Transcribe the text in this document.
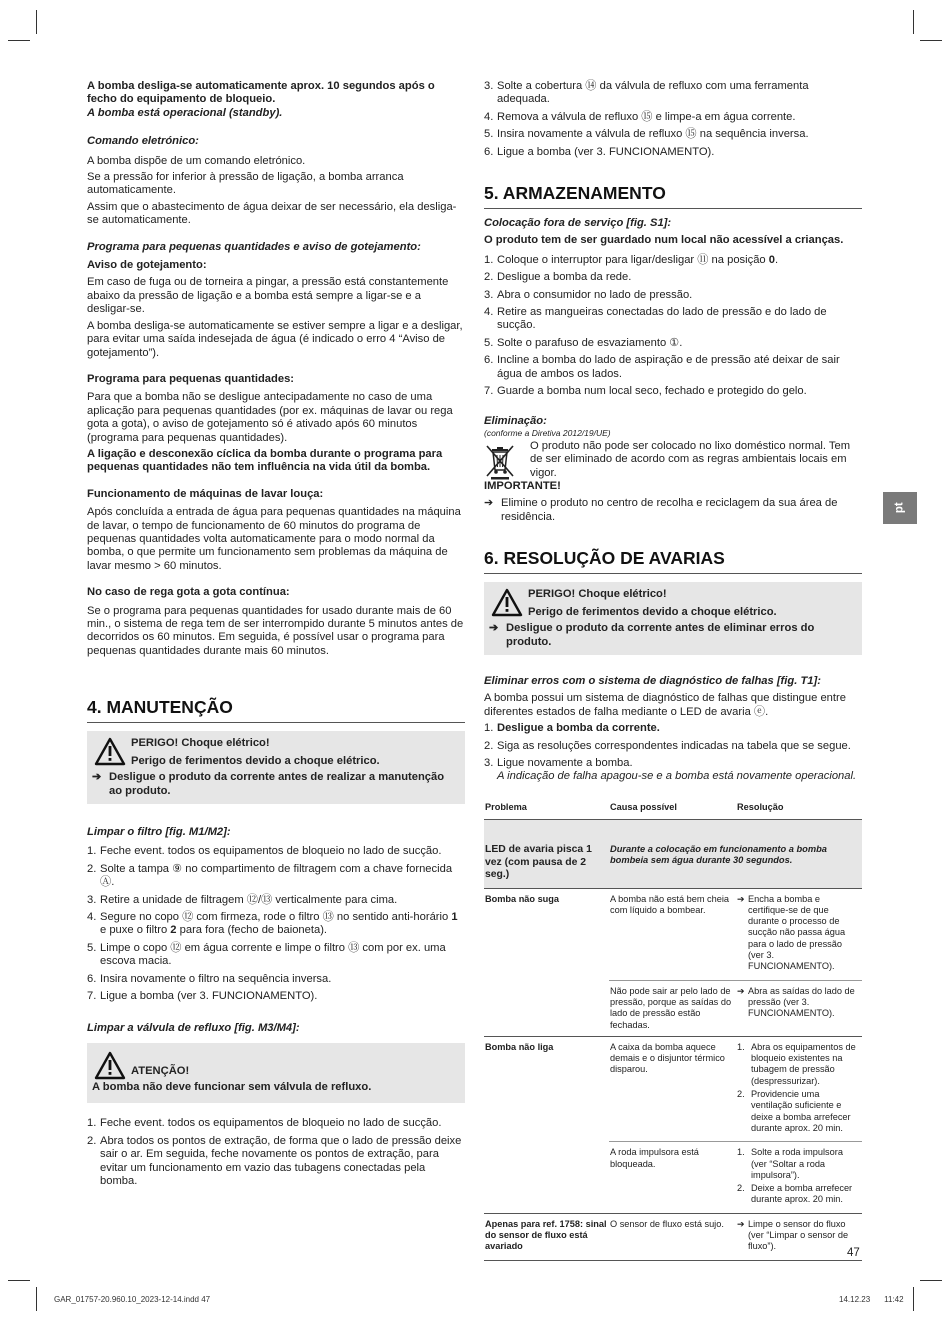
A bomba desliga-se automaticamente aprox. 10 segundos após o fecho do equipamento de bloqueio.

A bomba está operacional (standby).

Comando eletrónico:

A bomba dispõe de um comando eletrónico.

Se a pressão for inferior à pressão de ligação, a bomba arranca automaticamente.

Assim que o abastecimento de água deixar de ser necessário, ela desliga-se automaticamente.

Programa para pequenas quantidades e aviso de gotejamento:

Aviso de gotejamento:

Em caso de fuga ou de torneira a pingar, a pressão está constantemente abaixo da pressão de ligação e a bomba está sempre a ligar-se e a desligar-se.

A bomba desliga-se automaticamente se estiver sempre a ligar e a desligar, para evitar uma saída indesejada de água (é indicado o erro 4 “Aviso de gotejamento”).

Programa para pequenas quantidades:

Para que a bomba não se desligue antecipadamente no caso de uma aplicação para pequenas quantidades (por ex. máquinas de lavar ou rega gota a gota), o aviso de gotejamento só é ativado após 60 minutos (programa para pequenas quantidades).

A ligação e desconexão cíclica da bomba durante o programa para pequenas quantidades não tem influência na vida útil da bomba.

Funcionamento de máquinas de lavar louça:

Após concluída a entrada de água para pequenas quantidades na máquina de lavar, o tempo de funcionamento de 60 minutos do programa de pequenas quantidades volta automaticamente para o modo normal da bomba, o que permite um funcionamento sem problemas da máquina de lavar mesmo > 60 minutos.

No caso de rega gota a gota contínua:

Se o programa para pequenas quantidades for usado durante mais de 60 min., o sistema de rega tem de ser interrompido durante 5 minutos antes de decorridos os 60 minutos. Em seguida, é possível usar o programa para pequenas quantidades durante mais 60 minutos.

4. MANUTENÇÃO

PERIGO! Choque elétrico!

Perigo de ferimentos devido a choque elétrico.

➔ Desligue o produto da corrente antes de realizar a manutenção ao produto.

Limpar o filtro [fig. M1/M2]:

1. Feche event. todos os equipamentos de bloqueio no lado de sucção.
2. Solte a tampa ⑨ no compartimento de filtragem com a chave fornecida Ⓐ.
3. Retire a unidade de filtragem ⑫/⑬ verticalmente para cima.
4. Segure no copo ⑫ com firmeza, rode o filtro ⑬ no sentido anti-horário 1 e puxe o filtro 2 para fora (fecho de baioneta).
5. Limpe o copo ⑫ em água corrente e limpe o filtro ⑬ com por ex. uma escova macia.
6. Insira novamente o filtro na sequência inversa.
7. Ligue a bomba (ver 3. FUNCIONAMENTO).

Limpar a válvula de refluxo [fig. M3/M4]:

ATENÇÃO!

A bomba não deve funcionar sem válvula de refluxo.

1. Feche event. todos os equipamentos de bloqueio no lado de sucção.
2. Abra todos os pontos de extração, de forma que o lado de pressão deixe sair o ar. Em seguida, feche novamente os pontos de extração, para evitar um funcionamento em vazio das tubagens conectadas pela bomba.
3. Solte a cobertura ⑭ da válvula de refluxo com uma ferramenta adequada.
4. Remova a válvula de refluxo ⑮ e limpe-a em água corrente.
5. Insira novamente a válvula de refluxo ⑮ na sequência inversa.
6. Ligue a bomba (ver 3. FUNCIONAMENTO).
5. ARMAZENAMENTO

Colocação fora de serviço [fig. S1]:

O produto tem de ser guardado num local não acessível a crianças.

1. Coloque o interruptor para ligar/desligar ⑪ na posição 0.
2. Desligue a bomba da rede.
3. Abra o consumidor no lado de pressão.
4. Retire as mangueiras conectadas do lado de pressão e do lado de sucção.
5. Solte o parafuso de esvaziamento ①.
6. Incline a bomba do lado de aspiração e de pressão até deixar de sair água de ambos os lados.
7. Guarde a bomba num local seco, fechado e protegido do gelo.

Eliminação:

(conforme a Diretiva 2012/19/UE)

O produto não pode ser colocado no lixo doméstico normal. Tem de ser eliminado de acordo com as regras ambientais locais em vigor.

IMPORTANTE!

➔ Elimine o produto no centro de recolha e reciclagem da sua área de residência.
6. RESOLUÇÃO DE AVARIAS

PERIGO! Choque elétrico!

Perigo de ferimentos devido a choque elétrico.

➔ Desligue o produto da corrente antes de eliminar erros do produto.

Eliminar erros com o sistema de diagnóstico de falhas [fig. T1]:

A bomba possui um sistema de diagnóstico de falhas que distingue entre diferentes estados de falha mediante o LED de avaria ⓔ.

1. Desligue a bomba da corrente.
2. Siga as resoluções correspondentes indicadas na tabela que se segue.
3. Ligue novamente a bomba.
A indicação de falha apagou-se e a bomba está novamente operacional.
Problema	Causa possível	Resolução
LED de avaria pisca 1 vez (com pausa de 2 seg.)	Durante a colocação em funcionamento a bomba bombeia sem água durante 30 segundos.	
Bomba não suga	A bomba não está bem cheia com líquido a bombear.	➔ Encha a bomba e certifique-se de que durante o processo de sucção não passa água para o lado de pressão (ver 3. FUNCIONAMENTO).

	Não pode sair ar pelo lado de pressão, porque as saídas do lado de pressão estão fechadas.	➔ Abra as saídas do lado de pressão (ver 3. FUNCIONAMENTO).

Bomba não liga	A caixa da bomba aquece demais e o disjuntor térmico disparou.	1. Abra os equipamentos de bloqueio existentes na tubagem de pressão (despressurizar).
2. Providencie uma ventilação suficiente e deixe a bomba arrefecer durante aprox. 20 min.

	A roda impulsora está bloqueada.	1. Solte a roda impulsora (ver “Soltar a roda impulsora”).
2. Deixe a bomba arrefecer durante aprox. 20 min.

Apenas para ref. 1758: sinal do sensor de fluxo está avariado	O sensor de fluxo está sujo.	➔ Limpe o sensor do fluxo (ver “Limpar o sensor de fluxo”).
pt
47
GAR_01757-20.960.10_2023-12-14.indd 47	14.12.23 11:42
